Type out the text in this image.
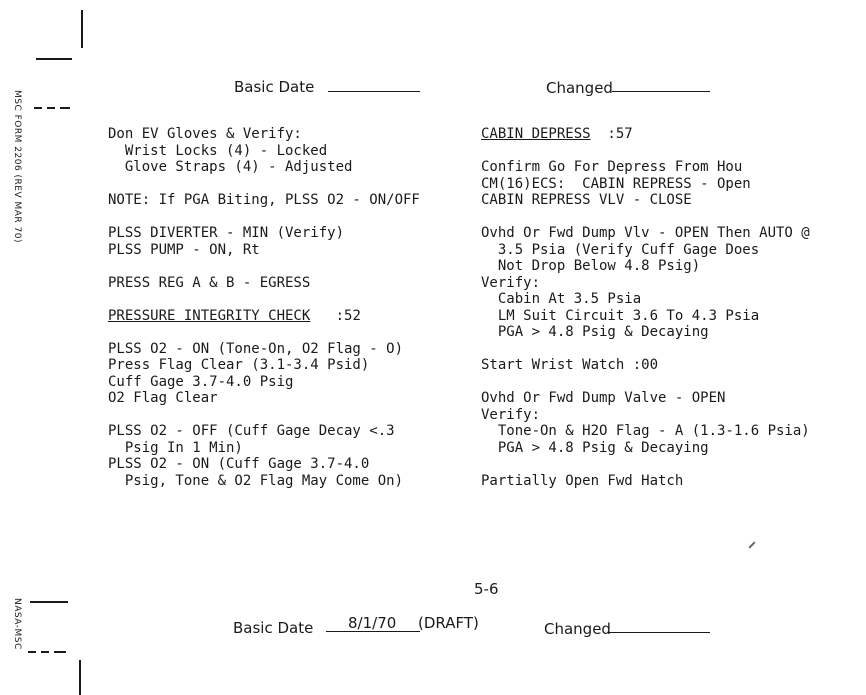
MSC FORM 2206 (REV MAR 70)
NASA-MSC
Basic Date	Changed
Don EV Gloves & Verify:
Wrist Locks (4) - Locked
Glove Straps (4) - Adjusted

NOTE: If PGA Biting, PLSS O2 - ON/OFF

PLSS DIVERTER - MIN (Verify)
PLSS PUMP - ON, Rt

PRESS REG A & B - EGRESS

PRESSURE INTEGRITY CHECK   :52

PLSS O2 - ON (Tone-On, O2 Flag - O)
Press Flag Clear (3.1-3.4 Psid)
Cuff Gage 3.7-4.0 Psig
O2 Flag Clear

PLSS O2 - OFF (Cuff Gage Decay <.3
Psig In 1 Min)
PLSS O2 - ON (Cuff Gage 3.7-4.0
Psig, Tone & O2 Flag May Come On)
CABIN DEPRESS  :57

Confirm Go For Depress From Hou
CM(16)ECS:  CABIN REPRESS - Open
CABIN REPRESS VLV - CLOSE

Ovhd Or Fwd Dump Vlv - OPEN Then AUTO @
3.5 Psia (Verify Cuff Gage Does
Not Drop Below 4.8 Psig)
Verify:
Cabin At 3.5 Psia
LM Suit Circuit 3.6 To 4.3 Psia
PGA > 4.8 Psig & Decaying

Start Wrist Watch :00

Ovhd Or Fwd Dump Valve - OPEN
Verify:
Tone-On & H2O Flag - A (1.3-1.6 Psia)
PGA > 4.8 Psig & Decaying

Partially Open Fwd Hatch
5-6
Basic Date 8/1/70 (DRAFT)	Changed
